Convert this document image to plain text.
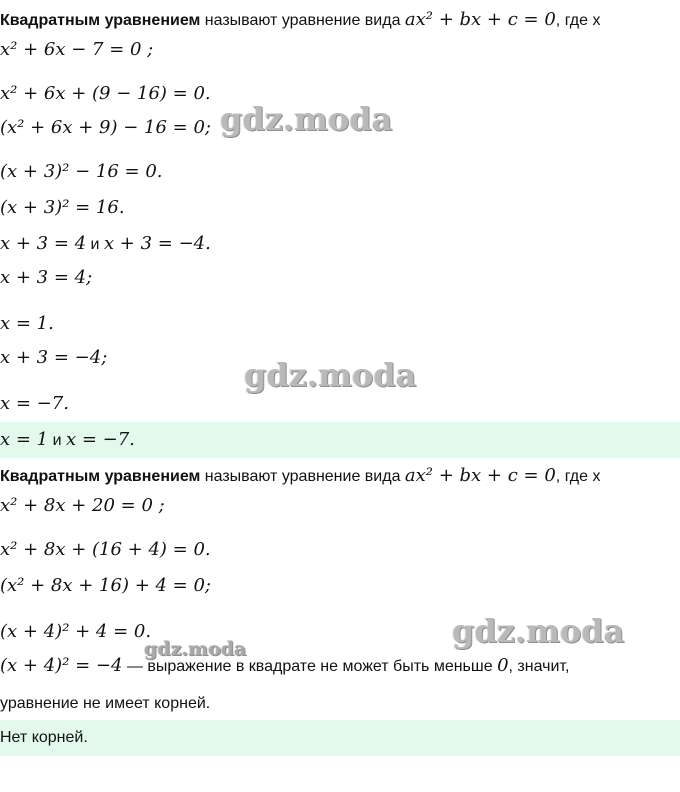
Квадратным уравнением называют уравнение вида ax² + bx + c = 0, где x
x² + 6x − 7 = 0 ;
x² + 6x + (9 − 16) = 0.
(x² + 6x + 9) − 16 = 0;
(x + 3)² − 16 = 0.
(x + 3)² = 16.
x + 3 = 4 и x + 3 = −4.
x + 3 = 4;
x = 1.
x + 3 = −4;
x = −7.
x = 1 и x = −7.
Квадратным уравнением называют уравнение вида ax² + bx + c = 0, где x
x² + 8x + 20 = 0 ;
x² + 8x + (16 + 4) = 0.
(x² + 8x + 16) + 4 = 0;
(x + 4)² + 4 = 0.
(x + 4)² = −4 — выражение в квадрате не может быть меньше 0, значит,
уравнение не имеет корней.
Нет корней.
gdz.moda
gdz.moda
gdz.moda
gdz.moda
